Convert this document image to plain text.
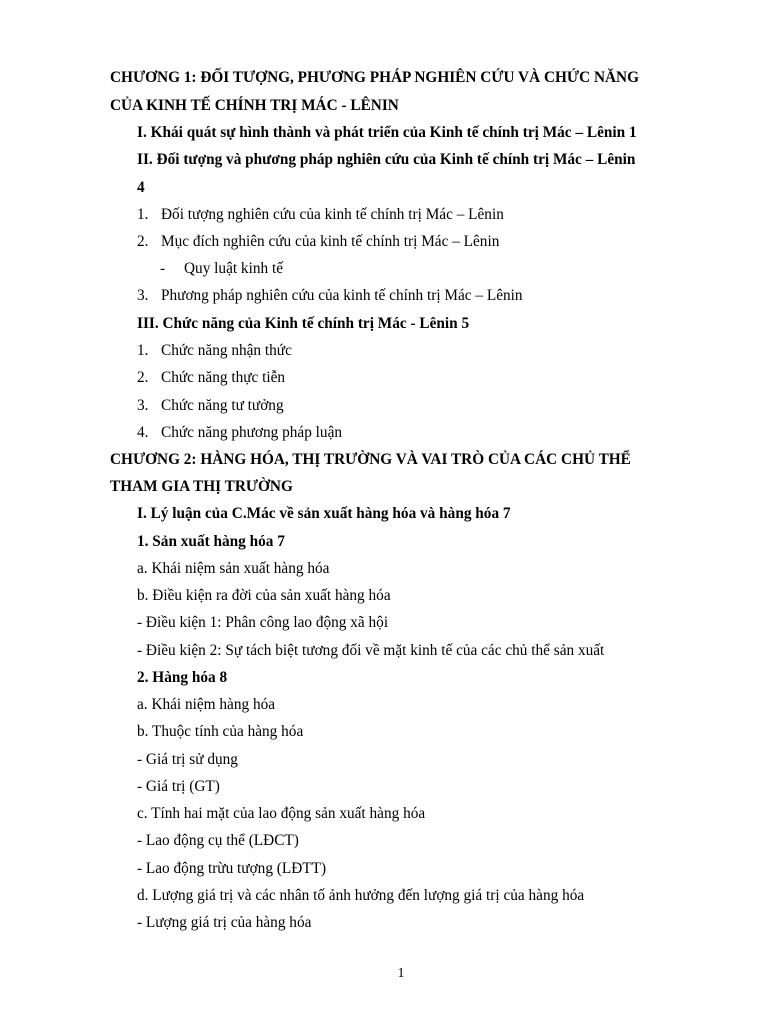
CHƯƠNG 1: ĐỐI TƯỢNG, PHƯƠNG PHÁP NGHIÊN CỨU VÀ CHỨC NĂNG
CỦA KINH TẾ CHÍNH TRỊ MÁC - LÊNIN
I. Khái quát sự hình thành và phát triển của Kinh tế chính trị Mác – Lênin 1
II. Đối tượng và phương pháp nghiên cứu của Kinh tế chính trị Mác – Lênin
4
1. Đối tượng nghiên cứu của kinh tế chính trị Mác – Lênin
2. Mục đích nghiên cứu của kinh tế chính trị Mác – Lênin
- Quy luật kinh tế
3. Phương pháp nghiên cứu của kinh tế chính trị Mác – Lênin
III. Chức năng của Kinh tế chính trị Mác - Lênin 5
1. Chức năng nhận thức
2. Chức năng thực tiễn
3. Chức năng tư tưởng
4. Chức năng phương pháp luận
CHƯƠNG 2: HÀNG HÓA, THỊ TRƯỜNG VÀ VAI TRÒ CỦA CÁC CHỦ THỂ
THAM GIA THỊ TRƯỜNG
I. Lý luận của C.Mác về sản xuất hàng hóa và hàng hóa 7
1. Sản xuất hàng hóa 7
a. Khái niệm sản xuất hàng hóa
b. Điều kiện ra đời của sản xuất hàng hóa
- Điều kiện 1: Phân công lao động xã hội
- Điều kiện 2: Sự tách biệt tương đối về mặt kinh tế của các chủ thể sản xuất
2. Hàng hóa 8
a. Khái niệm hàng hóa
b. Thuộc tính của hàng hóa
- Giá trị sử dụng
- Giá trị (GT)
c. Tính hai mặt của lao động sản xuất hàng hóa
- Lao động cụ thể (LĐCT)
- Lao động trừu tượng (LĐTT)
d. Lượng giá trị và các nhân tố ảnh hưởng đến lượng giá trị của hàng hóa
- Lượng giá trị của hàng hóa
1
